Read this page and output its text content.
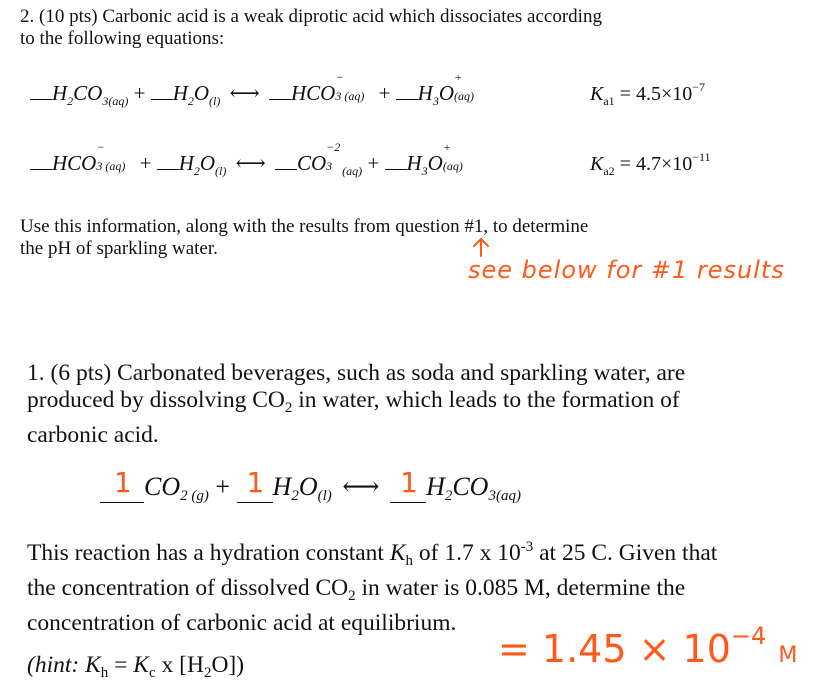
2. (10 pts) Carbonic acid is a weak diprotic acid which dissociates according
to the following equations:
$H_2CO_{3(aq)} + H_2O_{(l)}$ ⟷ HCO
−
3 $(aq) + H_3O$
+
(aq)	$K_{a1} = 4.5\times 10^{-7}$
HCO
−
3 $(aq) + H_2O_{(l)}$ ⟷ CO
−2
3 $_{(aq)} + H_3O$
+
(aq)	$K_{a2} = 4.7\times 10^{-11}$
Use this information, along with the results from question #1, to determine
the pH of sparkling water.
see below for #1 results
1. (6 pts) Carbonated beverages, such as soda and sparkling water, are
produced by dissolving $CO_2$ in water, which leads to the formation of
carbonic acid.
1 $CO_{2 (g)} + 1$ $H_2O_{(l)}$ ⟷ 1 $H_2CO_{3(aq)}$
This reaction has a hydration constant $K_h$ of 1.7 x $10^{-3}$ at 25 C. Given that
the concentration of dissolved $CO_2$ in water is 0.085 M, determine the
concentration of carbonic acid at equilibrium.
(hint: $K_h = K_c$ x $[H_2O]$)	= $1.45 \times 10^{-4}$ M
